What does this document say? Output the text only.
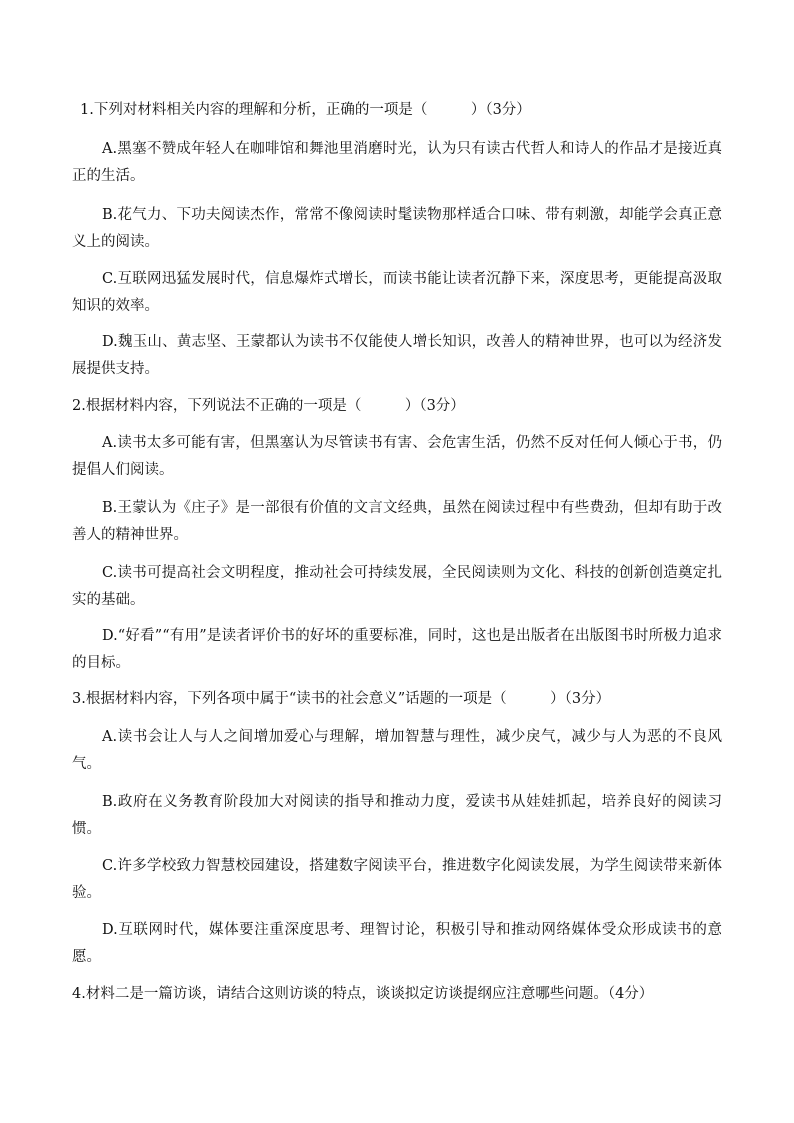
1.下列对材料相关内容的理解和分析，正确的一项是（　　　）（3分）
A.黑塞不赞成年轻人在咖啡馆和舞池里消磨时光，认为只有读古代哲人和诗人的作品才是接近真正的生活。
B.花气力、下功夫阅读杰作，常常不像阅读时髦读物那样适合口味、带有刺激，却能学会真正意义上的阅读。
C.互联网迅猛发展时代，信息爆炸式增长，而读书能让读者沉静下来，深度思考，更能提高汲取知识的效率。
D.魏玉山、黄志坚、王蒙都认为读书不仅能使人增长知识，改善人的精神世界，也可以为经济发展提供支持。
2.根据材料内容，下列说法不正确的一项是（　　　）（3分）
A.读书太多可能有害，但黑塞认为尽管读书有害、会危害生活，仍然不反对任何人倾心于书，仍提倡人们阅读。
B.王蒙认为《庄子》是一部很有价值的文言文经典，虽然在阅读过程中有些费劲，但却有助于改善人的精神世界。
C.读书可提高社会文明程度，推动社会可持续发展，全民阅读则为文化、科技的创新创造奠定扎实的基础。
D.“好看”“有用”是读者评价书的好坏的重要标准，同时，这也是出版者在出版图书时所极力追求的目标。
3.根据材料内容，下列各项中属于“读书的社会意义”话题的一项是（　　　）（3分）
A.读书会让人与人之间增加爱心与理解，增加智慧与理性，减少戾气，减少与人为恶的不良风气。
B.政府在义务教育阶段加大对阅读的指导和推动力度，爱读书从娃娃抓起，培养良好的阅读习惯。
C.许多学校致力智慧校园建设，搭建数字阅读平台，推进数字化阅读发展，为学生阅读带来新体验。
D.互联网时代，媒体要注重深度思考、理智讨论，积极引导和推动网络媒体受众形成读书的意愿。
4.材料二是一篇访谈，请结合这则访谈的特点，谈谈拟定访谈提纲应注意哪些问题。（4分）
